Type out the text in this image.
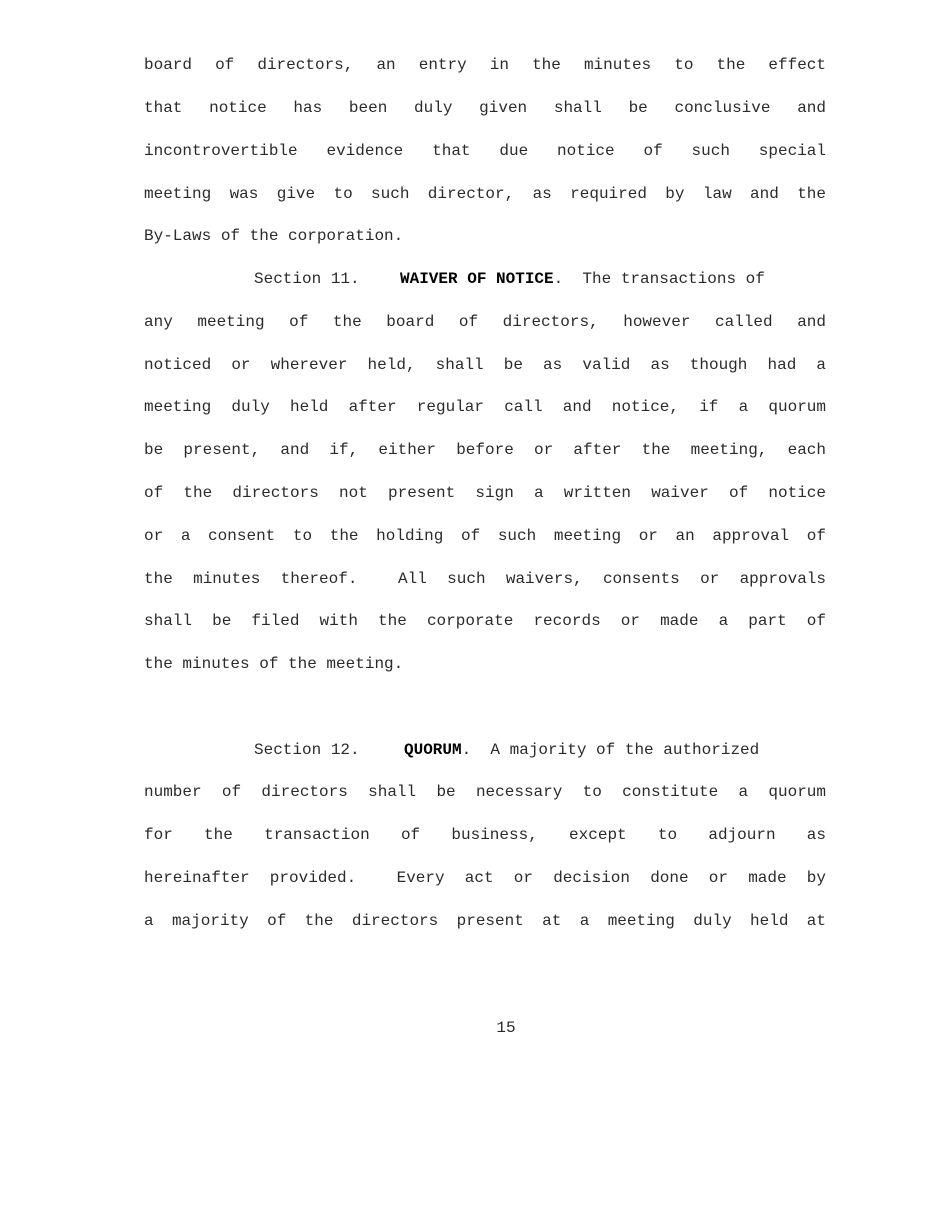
board of directors, an entry in the minutes to the effect
that notice has been duly given shall be conclusive and
incontrovertible evidence that due notice of such special
meeting was give to such director, as required by law and the
By-Laws of the corporation.
Section 11.	WAIVER OF NOTICE.  The transactions of
any meeting of the board of directors, however called and
noticed or wherever held, shall be as valid as though had a
meeting duly held after regular call and notice, if a quorum
be present, and if, either before or after the meeting, each
of the directors not present sign a written waiver of notice
or a consent to the holding of such meeting or an approval of
the minutes thereof.  All such waivers, consents or approvals
shall be filed with the corporate records or made a part of
the minutes of the meeting.
Section 12.	QUORUM.  A majority of the authorized
number of directors shall be necessary to constitute a quorum
for the transaction of business, except to adjourn as
hereinafter provided.  Every act or decision done or made by
a majority of the directors present at a meeting duly held at
15
